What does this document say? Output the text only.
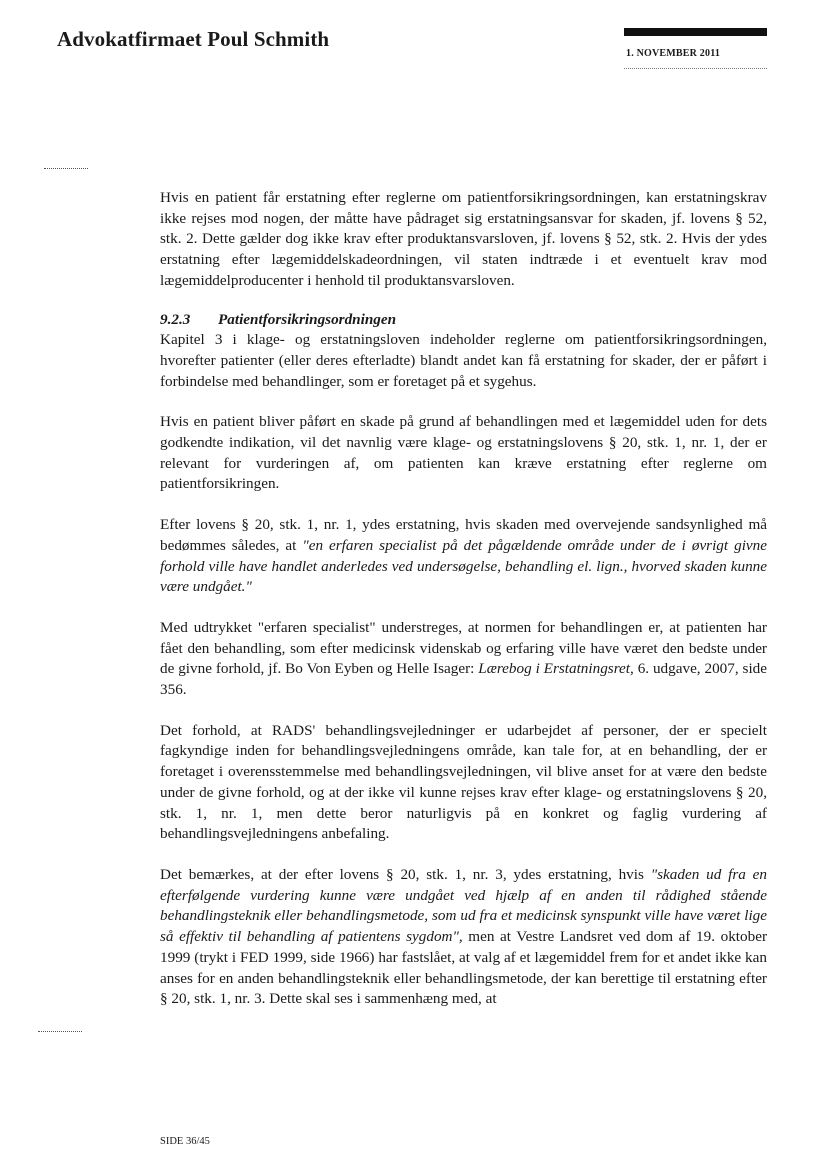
Advokatfirmaet Poul Schmith
1. NOVEMBER 2011

Hvis en patient får erstatning efter reglerne om patientforsikringsordningen, kan erstatningskrav ikke rejses mod nogen, der måtte have pådraget sig erstatningsansvar for skaden, jf. lovens § 52, stk. 2. Dette gælder dog ikke krav efter produktansvarsloven, jf. lovens § 52, stk. 2. Hvis der ydes erstatning efter lægemiddelskadeordningen, vil staten indtræde i et eventuelt krav mod lægemiddelproducenter i henhold til produktansvarsloven.

9.2.3 Patientforsikringsordningen

Kapitel 3 i klage- og erstatningsloven indeholder reglerne om patientforsikringsordningen, hvorefter patienter (eller deres efterladte) blandt andet kan få erstatning for skader, der er påført i forbindelse med behandlinger, som er foretaget på et sygehus.

Hvis en patient bliver påført en skade på grund af behandlingen med et lægemiddel uden for dets godkendte indikation, vil det navnlig være klage- og erstatningslovens § 20, stk. 1, nr. 1, der er relevant for vurderingen af, om patienten kan kræve erstatning efter reglerne om patientforsikringen.

Efter lovens § 20, stk. 1, nr. 1, ydes erstatning, hvis skaden med overvejende sandsynlighed må bedømmes således, at "en erfaren specialist på det pågældende område under de i øvrigt givne forhold ville have handlet anderledes ved undersøgelse, behandling el. lign., hvorved skaden kunne være undgået."

Med udtrykket "erfaren specialist" understreges, at normen for behandlingen er, at patienten har fået den behandling, som efter medicinsk videnskab og erfaring ville have været den bedste under de givne forhold, jf. Bo Von Eyben og Helle Isager: Lærebog i Erstatningsret, 6. udgave, 2007, side 356.

Det forhold, at RADS' behandlingsvejledninger er udarbejdet af personer, der er specielt fagkyndige inden for behandlingsvejledningens område, kan tale for, at en behandling, der er foretaget i overensstemmelse med behandlingsvejledningen, vil blive anset for at være den bedste under de givne forhold, og at der ikke vil kunne rejses krav efter klage- og erstatningslovens § 20, stk. 1, nr. 1, men dette beror naturligvis på en konkret og faglig vurdering af behandlingsvejledningens anbefaling.

Det bemærkes, at der efter lovens § 20, stk. 1, nr. 3, ydes erstatning, hvis "skaden ud fra en efterfølgende vurdering kunne være undgået ved hjælp af en anden til rådighed stående behandlingsteknik eller behandlingsmetode, som ud fra et medicinsk synspunkt ville have været lige så effektiv til behandling af patientens sygdom", men at Vestre Landsret ved dom af 19. oktober 1999 (trykt i FED 1999, side 1966) har fastslået, at valg af et lægemiddel frem for et andet ikke kan anses for en anden behandlingsteknik eller behandlingsmetode, der kan berettige til erstatning efter § 20, stk. 1, nr. 3. Dette skal ses i sammenhæng med, at

SIDE 36/45
